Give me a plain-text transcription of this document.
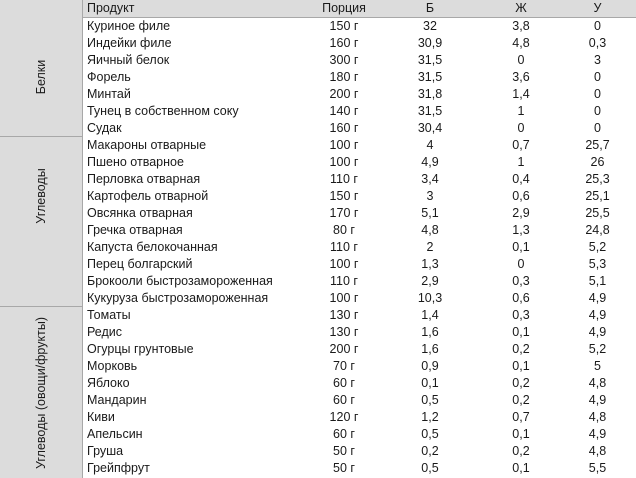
Белки
Углеводы
Углеводы (овощи/фрукты)
Продукт	Порция	Б	Ж	У
Куриное филе	150 г	32	3,8	0
Индейки филе	160 г	30,9	4,8	0,3
Яичный белок	300 г	31,5	0	3
Форель	180 г	31,5	3,6	0
Минтай	200 г	31,8	1,4	0
Тунец в собственном соку	140 г	31,5	1	0
Судак	160 г	30,4	0	0
Макароны отварные	100 г	4	0,7	25,7
Пшено отварное	100 г	4,9	1	26
Перловка отварная	110 г	3,4	0,4	25,3
Картофель отварной	150 г	3	0,6	25,1
Овсянка отварная	170 г	5,1	2,9	25,5
Гречка отварная	80 г	4,8	1,3	24,8
Капуста белокочанная	110 г	2	0,1	5,2
Перец болгарский	100 г	1,3	0	5,3
Брокооли быстрозамороженная	110 г	2,9	0,3	5,1
Кукуруза быстрозамороженная	100 г	10,3	0,6	4,9
Томаты	130 г	1,4	0,3	4,9
Редис	130 г	1,6	0,1	4,9
Огурцы грунтовые	200 г	1,6	0,2	5,2
Морковь	70 г	0,9	0,1	5
Яблоко	60 г	0,1	0,2	4,8
Мандарин	60 г	0,5	0,2	4,9
Киви	120 г	1,2	0,7	4,8
Апельсин	60 г	0,5	0,1	4,9
Груша	50 г	0,2	0,2	4,8
Грейпфрут	50 г	0,5	0,1	5,5
